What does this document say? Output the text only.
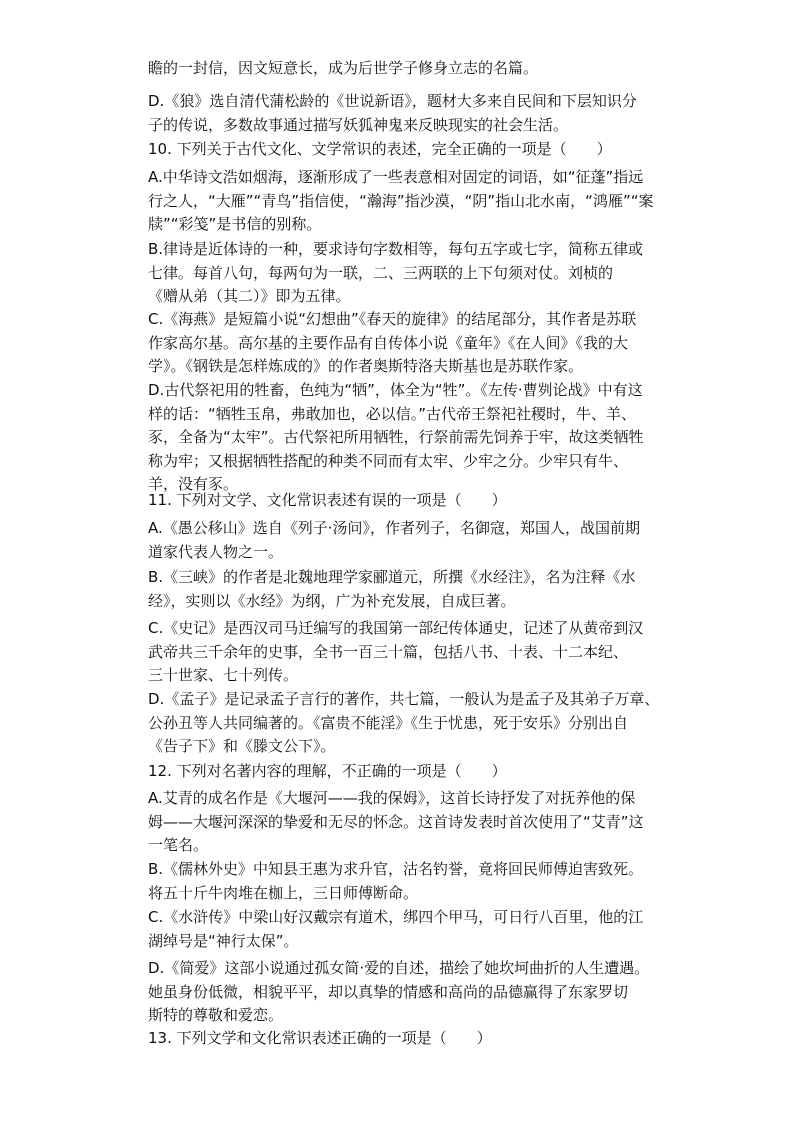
瞻的一封信，因文短意长，成为后世学子修身立志的名篇。
D.《狼》选自清代蒲松龄的《世说新语》，题材大多来自民间和下层知识分
子的传说，多数故事通过描写妖狐神鬼来反映现实的社会生活。
10. 下列关于古代文化、文学常识的表述，完全正确的一项是（　　）
A.中华诗文浩如烟海，逐渐形成了一些表意相对固定的词语，如“征蓬”指远
行之人，“大雁”“青鸟”指信使，“瀚海”指沙漠，“阴”指山北水南，“鸿雁”“案
牍”“彩笺”是书信的别称。
B.律诗是近体诗的一种，要求诗句字数相等，每句五字或七字，简称五律或
七律。每首八句，每两句为一联，二、三两联的上下句须对仗。刘桢的
《赠从弟（其二）》即为五律。
C.《海燕》是短篇小说“幻想曲”《春天的旋律》的结尾部分，其作者是苏联
作家高尔基。高尔基的主要作品有自传体小说《童年》《在人间》《我的大
学》。《钢铁是怎样炼成的》的作者奥斯特洛夫斯基也是苏联作家。
D.古代祭祀用的牲畜，色纯为“牺”，体全为“牲”。《左传·曹刿论战》中有这
样的话：“牺牲玉帛，弗敢加也，必以信。”古代帝王祭祀社稷时，牛、羊、
豕，全备为“太牢”。古代祭祀所用牺牲，行祭前需先饲养于牢，故这类牺牲
称为牢；又根据牺牲搭配的种类不同而有太牢、少牢之分。少牢只有牛、
羊，没有豕。
11. 下列对文学、文化常识表述有误的一项是（　　）
A.《愚公移山》选自《列子·汤问》，作者列子，名御寇，郑国人，战国前期
道家代表人物之一。
B.《三峡》的作者是北魏地理学家郦道元，所撰《水经注》，名为注释《水
经》，实则以《水经》为纲，广为补充发展，自成巨著。
C.《史记》是西汉司马迁编写的我国第一部纪传体通史，记述了从黄帝到汉
武帝共三千余年的史事，全书一百三十篇，包括八书、十表、十二本纪、
三十世家、七十列传。
D.《孟子》是记录孟子言行的著作，共七篇，一般认为是孟子及其弟子万章、
公孙丑等人共同编著的。《富贵不能淫》《生于忧患，死于安乐》分别出自
《告子下》和《滕文公下》。
12. 下列对名著内容的理解，不正确的一项是（　　）
A.艾青的成名作是《大堰河——我的保姆》，这首长诗抒发了对抚养他的保
姆——大堰河深深的挚爱和无尽的怀念。这首诗发表时首次使用了“艾青”这
一笔名。
B.《儒林外史》中知县王惠为求升官，沽名钓誉，竟将回民师傅迫害致死。
将五十斤牛肉堆在枷上，三日师傅断命。
C.《水浒传》中梁山好汉戴宗有道术，绑四个甲马，可日行八百里，他的江
湖绰号是“神行太保”。
D.《简爱》这部小说通过孤女简·爱的自述，描绘了她坎坷曲折的人生遭遇。
她虽身份低微，相貌平平，却以真挚的情感和高尚的品德赢得了东家罗切
斯特的尊敬和爱恋。
13. 下列文学和文化常识表述正确的一项是（　　）
